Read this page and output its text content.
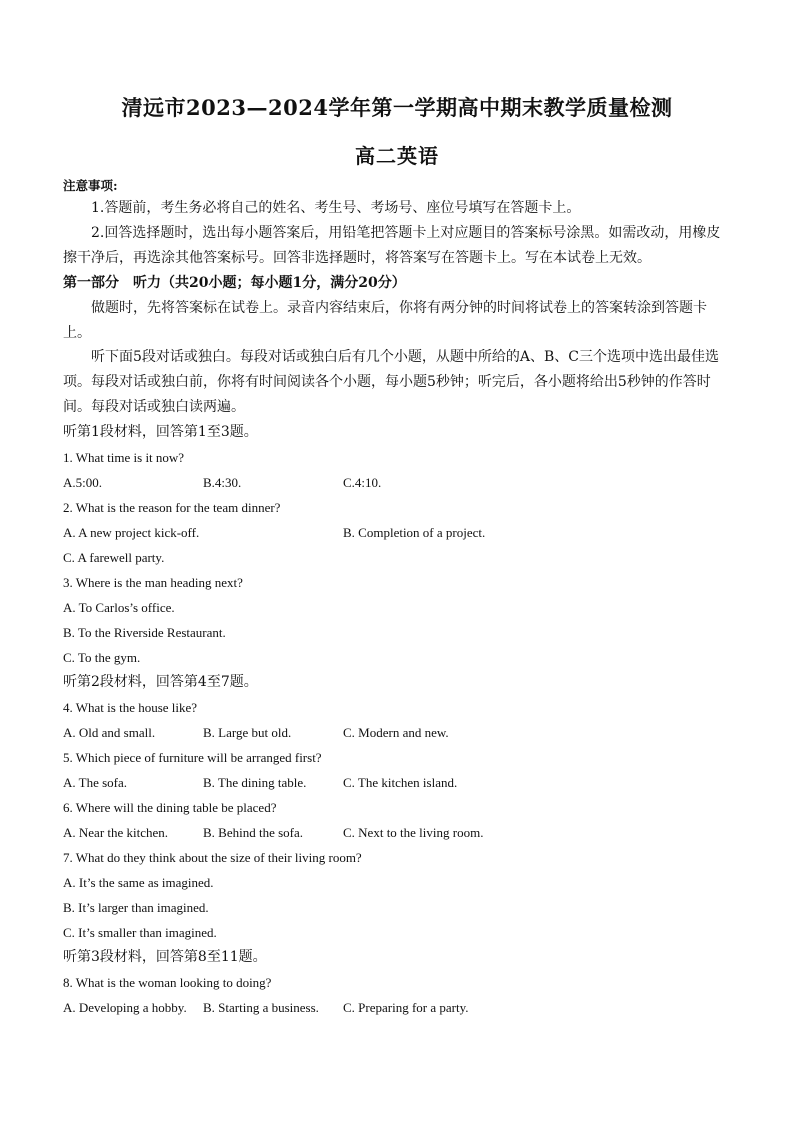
清远市2023—2024学年第一学期高中期末教学质量检测
高二英语
注意事项:
1.答题前，考生务必将自己的姓名、考生号、考场号、座位号填写在答题卡上。
2.回答选择题时，选出每小题答案后，用铅笔把答题卡上对应题目的答案标号涂黑。如需改动，用橡皮擦干净后，再选涂其他答案标号。回答非选择题时，将答案写在答题卡上。写在本试卷上无效。
第一部分　听力（共20小题；每小题1分，满分20分）
做题时，先将答案标在试卷上。录音内容结束后，你将有两分钟的时间将试卷上的答案转涂到答题卡上。
听下面5段对话或独白。每段对话或独白后有几个小题，从题中所给的A、B、C三个选项中选出最佳选项。每段对话或独白前，你将有时间阅读各个小题，每小题5秒钟；听完后，各小题将给出5秒钟的作答时间。每段对话或独白读两遍。
听第1段材料，回答第1至3题。
1. What time is it now?
A.5:00.	B.4:30.	C.4:10.
2. What is the reason for the team dinner?
A. A new project kick-off.	B. Completion of a project.
C. A farewell party.
3. Where is the man heading next?
A. To Carlos’s office.
B. To the Riverside Restaurant.
C. To the gym.
听第2段材料，回答第4至7题。
4. What is the house like?
A. Old and small.	B. Large but old.	C. Modern and new.
5. Which piece of furniture will be arranged first?
A. The sofa.	B. The dining table.	C. The kitchen island.
6. Where will the dining table be placed?
A. Near the kitchen.	B. Behind the sofa.	C. Next to the living room.
7. What do they think about the size of their living room?
A. It’s the same as imagined.
B. It’s larger than imagined.
C. It’s smaller than imagined.
听第3段材料，回答第8至11题。
8. What is the woman looking to doing?
A. Developing a hobby. B. Starting a business. C. Preparing for a party.
